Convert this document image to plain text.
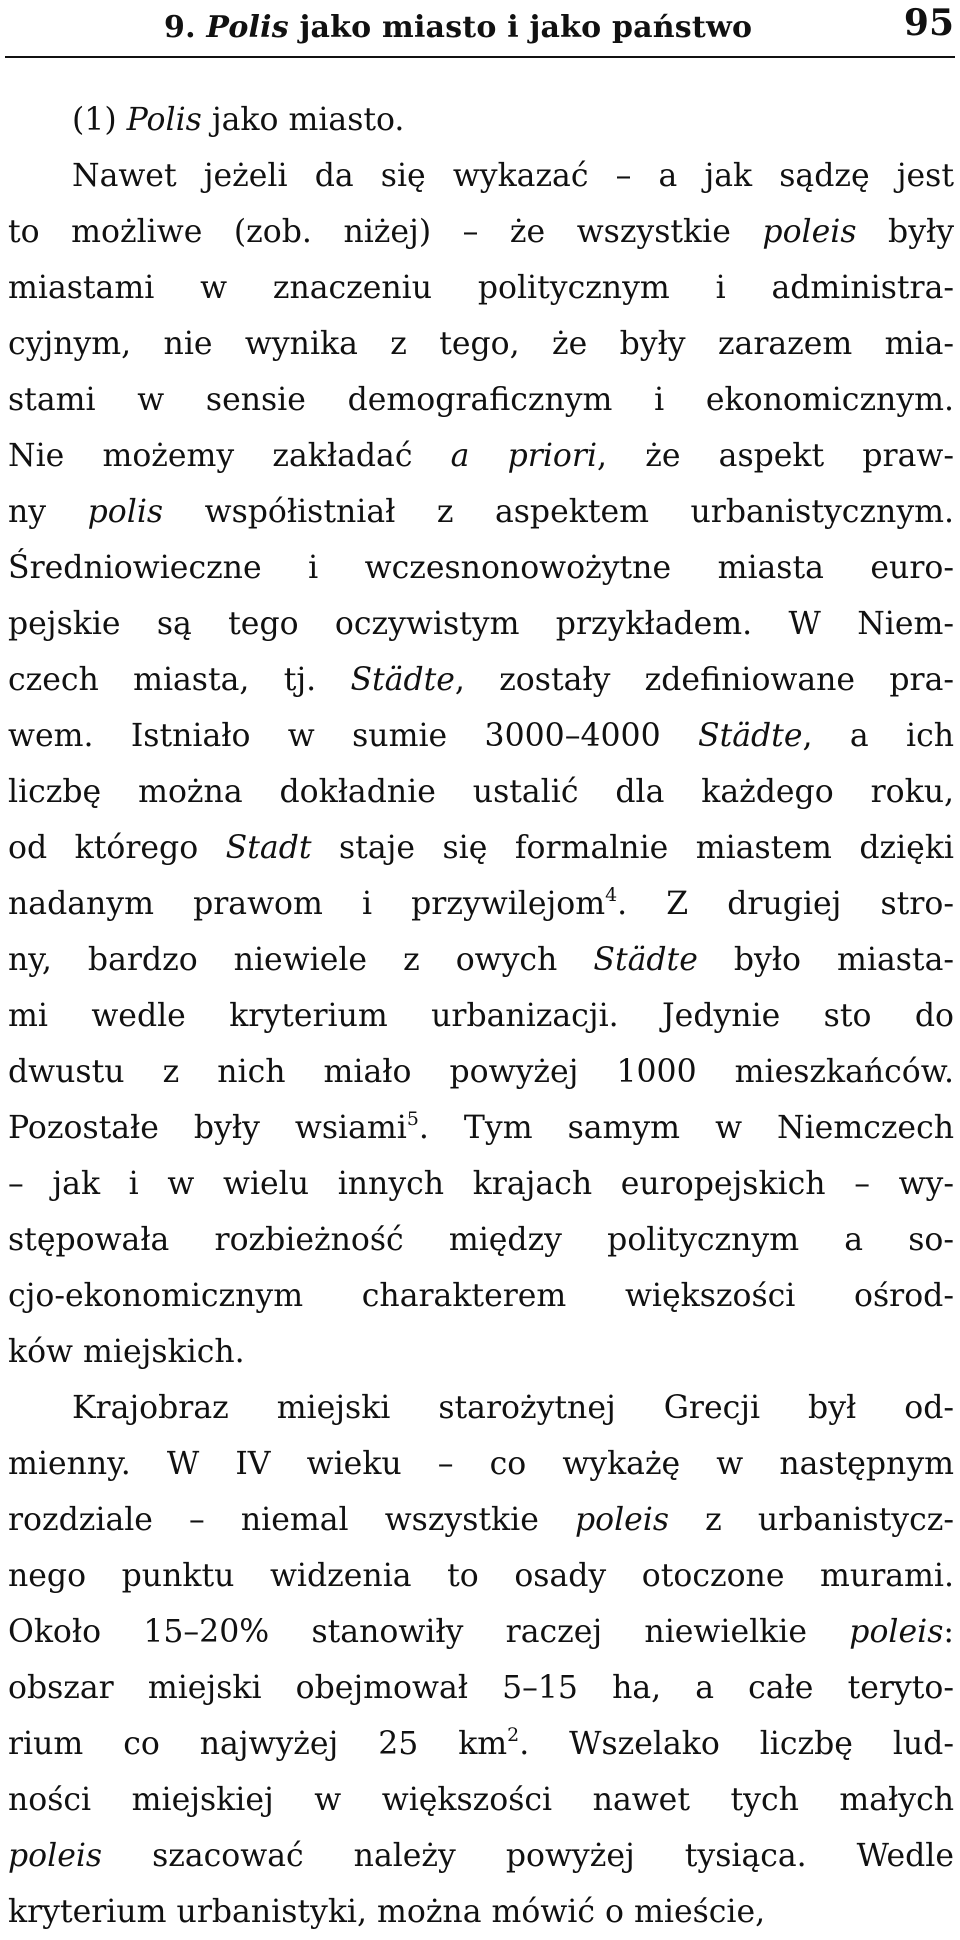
9. Polis jako miasto i jako państwo	95
(1) Polis jako miasto.
Nawet jeżeli da się wykazać – a jak sądzę jest
to możliwe (zob. niżej) – że wszystkie poleis były
miastami w znaczeniu politycznym i administra-
cyjnym, nie wynika z tego, że były zarazem mia-
stami w sensie demograficznym i ekonomicznym.
Nie możemy zakładać a priori, że aspekt praw-
ny polis współistniał z aspektem urbanistycznym.
Średniowieczne i wczesnonowożytne miasta euro-
pejskie są tego oczywistym przykładem. W Niem-
czech miasta, tj. Städte, zostały zdefiniowane pra-
wem. Istniało w sumie 3000–4000 Städte, a ich
liczbę można dokładnie ustalić dla każdego roku,
od którego Stadt staje się formalnie miastem dzięki
nadanym prawom i przywilejom$^4$. Z drugiej stro-
ny, bardzo niewiele z owych Städte było miasta-
mi wedle kryterium urbanizacji. Jedynie sto do
dwustu z nich miało powyżej 1000 mieszkańców.
Pozostałe były wsiami$^5$. Tym samym w Niemczech
– jak i w wielu innych krajach europejskich – wy-
stępowała rozbieżność między politycznym a so-
cjo-ekonomicznym charakterem większości ośrod-
ków miejskich.
Krajobraz miejski starożytnej Grecji był od-
mienny. W IV wieku – co wykażę w następnym
rozdziale – niemal wszystkie poleis z urbanistycz-
nego punktu widzenia to osady otoczone murami.
Około 15–20% stanowiły raczej niewielkie poleis:
obszar miejski obejmował 5–15 ha, a całe teryto-
rium co najwyżej 25 $km^2$. Wszelako liczbę lud-
ności miejskiej w większości nawet tych małych
poleis szacować należy powyżej tysiąca. Wedle
kryterium urbanistyki, można mówić o mieście,
